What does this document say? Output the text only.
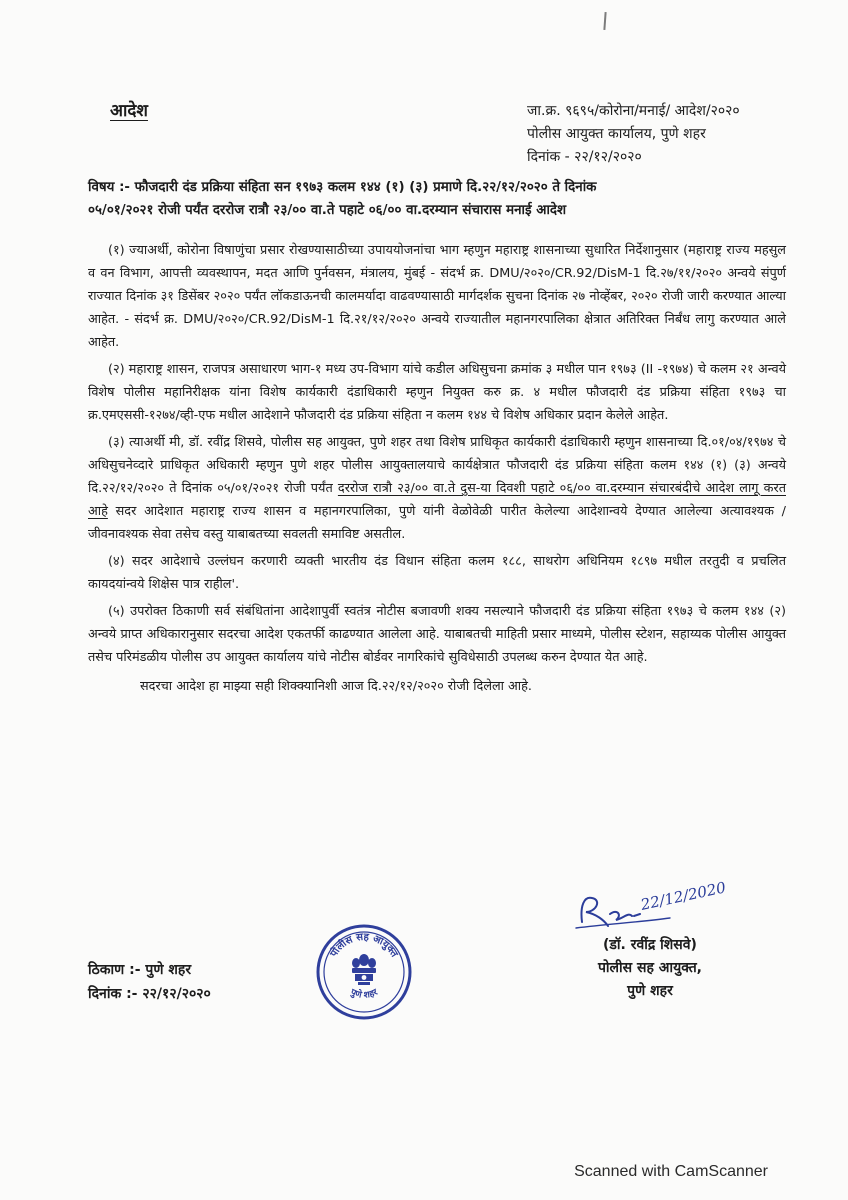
आदेश	जा.क्र. ९६९५/कोरोना/मनाई/ आदेश/२०२०
पोलीस आयुक्त कार्यालय, पुणे शहर
दिनांक - २२/१२/२०२०
विषय :- फौजदारी दंड प्रक्रिया संहिता सन १९७३ कलम १४४ (१) (३) प्रमाणे दि.२२/१२/२०२० ते दिनांक
०५/०१/२०२१ रोजी पर्यंत दररोज रात्रौ २३/०० वा.ते पहाटे ०६/०० वा.दरम्यान संचारास मनाई आदेश

(१) ज्याअर्थी, कोरोना विषाणुंचा प्रसार रोखण्यासाठीच्या उपाययोजनांचा भाग म्हणुन महाराष्ट्र शासनाच्या सुधारित निर्देशानुसार (महाराष्ट्र राज्य महसुल व वन विभाग, आपत्ती व्यवस्थापन, मदत आणि पुर्नवसन, मंत्रालय, मुंबई - संदर्भ क्र. DMU/२०२०/CR.92/DisM-1 दि.२७/११/२०२० अन्वये संपुर्ण राज्यात दिनांक ३१ डिसेंबर २०२० पर्यंत लॉकडाऊनची कालमर्यादा वाढवण्यासाठी मार्गदर्शक सुचना दिनांक २७ नोव्हेंबर, २०२० रोजी जारी करण्यात आल्या आहेत. - संदर्भ क्र. DMU/२०२०/CR.92/DisM-1 दि.२१/१२/२०२० अन्वये राज्यातील महानगरपालिका क्षेत्रात अतिरिक्त निर्बंध लागु करण्यात आले आहेत.

(२) महाराष्ट्र शासन, राजपत्र असाधारण भाग-१ मध्य उप-विभाग यांचे कडील अधिसुचना क्रमांक ३ मधील पान १९७३ (II -१९७४) चे कलम २१ अन्वये विशेष पोलीस महानिरीक्षक यांना विशेष कार्यकारी दंडाधिकारी म्हणुन नियुक्त करु क्र. ४ मधील फौजदारी दंड प्रक्रिया संहिता १९७३ चा क्र.एमएससी-१२७४/व्ही-एफ मधील आदेशाने फौजदारी दंड प्रक्रिया संहिता न कलम १४४ चे विशेष अधिकार प्रदान केलेले आहेत.

(३) त्याअर्थी मी, डॉ. रवींद्र शिसवे, पोलीस सह आयुक्त, पुणे शहर तथा विशेष प्राधिकृत कार्यकारी दंडाधिकारी म्हणुन शासनाच्या दि.०१/०४/१९७४ चे अधिसुचनेव्दारे प्राधिकृत अधिकारी म्हणुन पुणे शहर पोलीस आयुक्तालयाचे कार्यक्षेत्रात फौजदारी दंड प्रक्रिया संहिता कलम १४४ (१) (३) अन्वये दि.२२/१२/२०२० ते दिनांक ०५/०१/२०२१ रोजी पर्यंत दररोज रात्रौ २३/०० वा.ते दुस-या दिवशी पहाटे ०६/०० वा.दरम्यान संचारबंदीचे आदेश लागू करत आहे सदर आदेशात महाराष्ट्र राज्य शासन व महानगरपालिका, पुणे यांनी वेळोवेळी पारीत केलेल्या आदेशान्वये देण्यात आलेल्या अत्यावश्यक / जीवनावश्यक सेवा तसेच वस्तु याबाबतच्या सवलती समाविष्ट असतील.

(४) सदर आदेशाचे उल्लंघन करणारी व्यक्ती भारतीय दंड विधान संहिता कलम १८८, साथरोग अधिनियम १८९७ मधील तरतुदी व प्रचलित कायदयांन्वये शिक्षेस पात्र राहील'.

(५) उपरोक्त ठिकाणी सर्व संबंधितांना आदेशापुर्वी स्वतंत्र नोटीस बजावणी शक्य नसल्याने फौजदारी दंड प्रक्रिया संहिता १९७३ चे कलम १४४ (२) अन्वये प्राप्त अधिकारानुसार सदरचा आदेश एकतर्फी काढण्यात आलेला आहे. याबाबतची माहिती प्रसार माध्यमे, पोलीस स्टेशन, सहाय्यक पोलीस आयुक्त तसेच परिमंडळीय पोलीस उप आयुक्त कार्यालय यांचे नोटीस बोर्डवर नागरिकांचे सुविधेसाठी उपलब्ध करुन देण्यात येत आहे.

सदरचा आदेश हा माझ्या सही शिक्क्यानिशी आज दि.२२/१२/२०२० रोजी दिलेला आहे.

22/12/2020
(डॉ. रवींद्र शिसवे)
पोलीस सह आयुक्त,
पुणे शहर
ठिकाण :- पुणे शहर
दिनांक :- २२/१२/२०२०
पोलीस सह आयुक्त
पुणे शहर
Scanned with CamScanner
